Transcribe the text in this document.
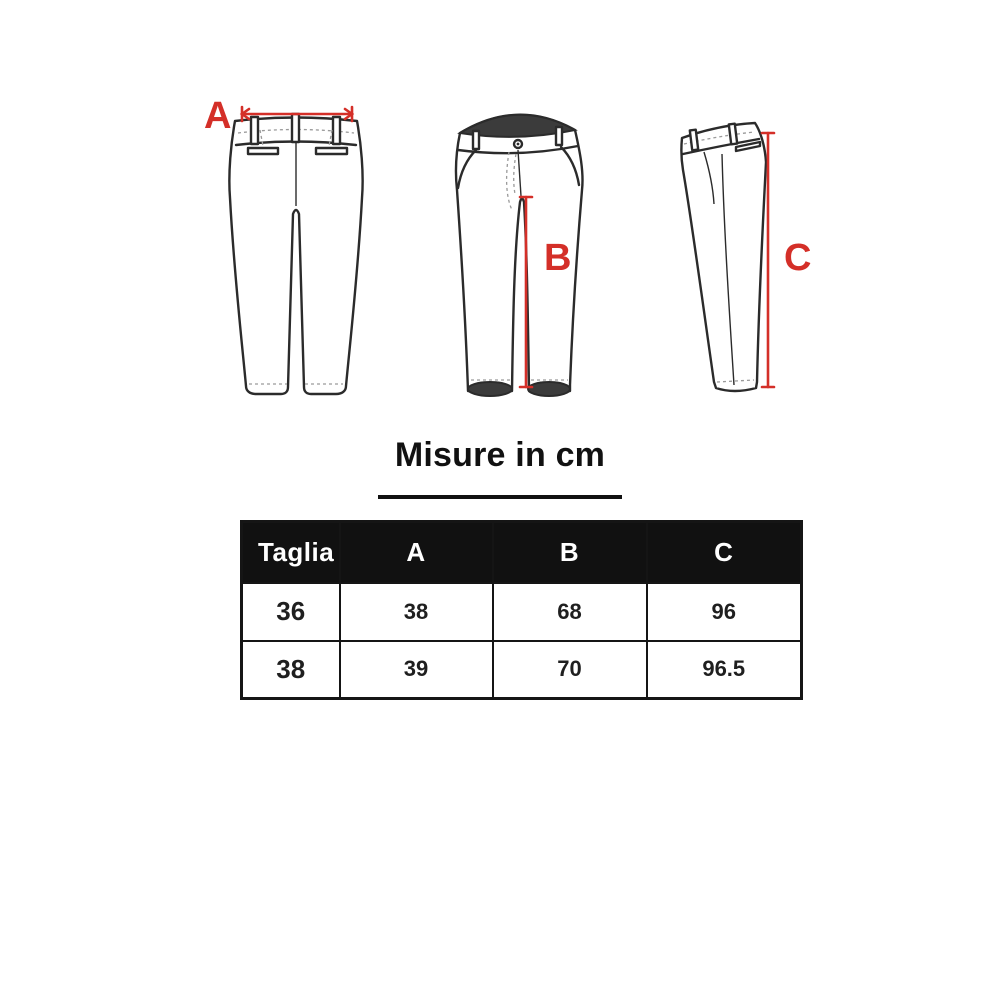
A
B	C
Misure in cm
Taglia	A	B	C
36	38	68	96
38	39	70	96.5
